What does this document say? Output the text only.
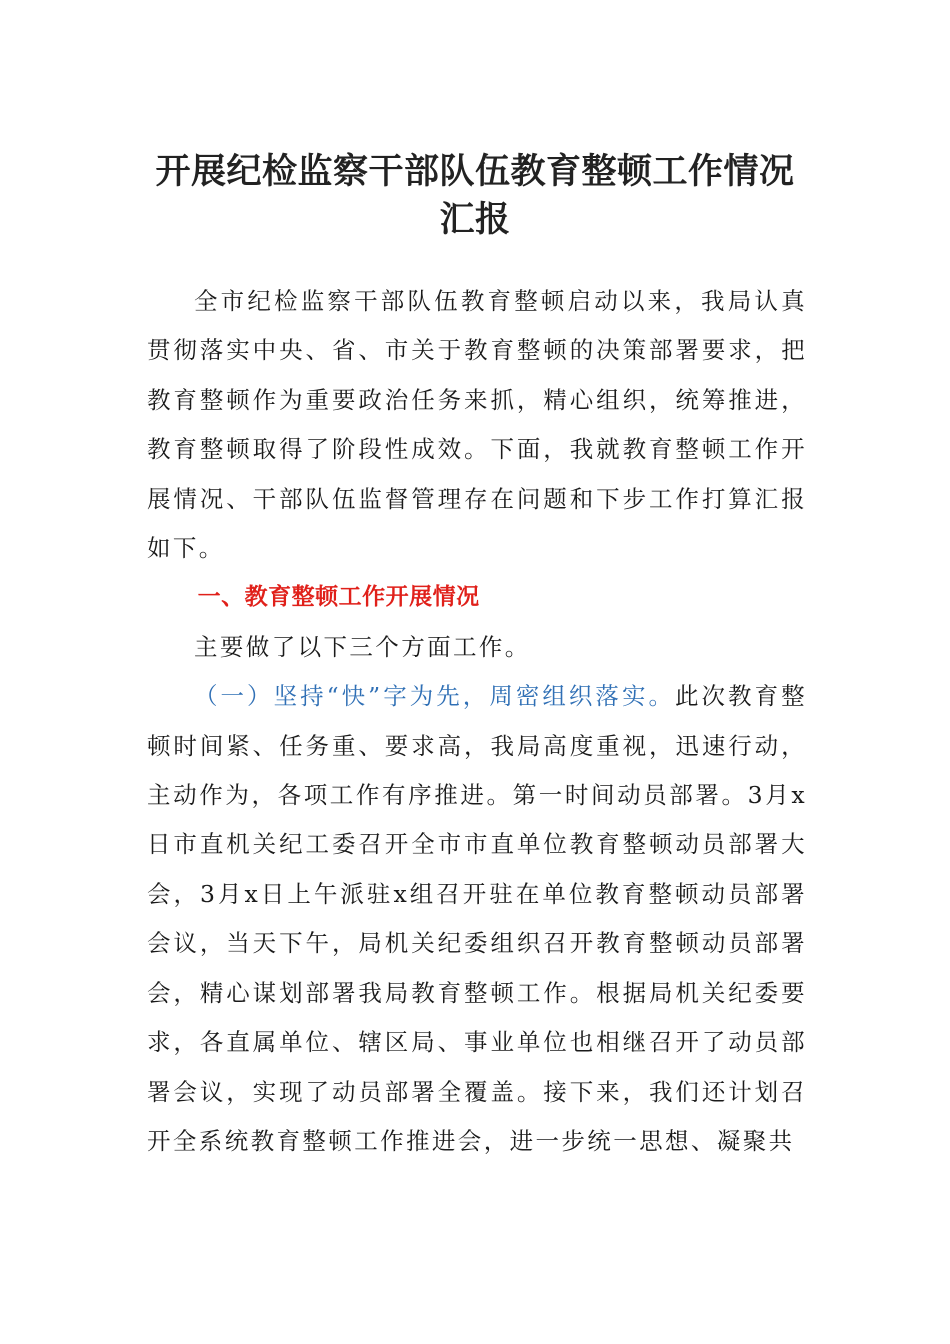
开展纪检监察干部队伍教育整顿工作情况
汇报

全市纪检监察干部队伍教育整顿启动以来，我局认真贯彻落实中央、省、市关于教育整顿的决策部署要求，把教育整顿作为重要政治任务来抓，精心组织，统筹推进，教育整顿取得了阶段性成效。下面，我就教育整顿工作开展情况、干部队伍监督管理存在问题和下步工作打算汇报如下。

一、教育整顿工作开展情况

主要做了以下三个方面工作。

（一）坚持“快”字为先，周密组织落实。此次教育整顿时间紧、任务重、要求高，我局高度重视，迅速行动，主动作为，各项工作有序推进。第一时间动员部署。3月x日市直机关纪工委召开全市市直单位教育整顿动员部署大会，3月x日上午派驻x组召开驻在单位教育整顿动员部署会议，当天下午，局机关纪委组织召开教育整顿动员部署会，精心谋划部署我局教育整顿工作。根据局机关纪委要求，各直属单位、辖区局、事业单位也相继召开了动员部署会议，实现了动员部署全覆盖。接下来，我们还计划召开全系统教育整顿工作推进会，进一步统一思想、凝聚共
